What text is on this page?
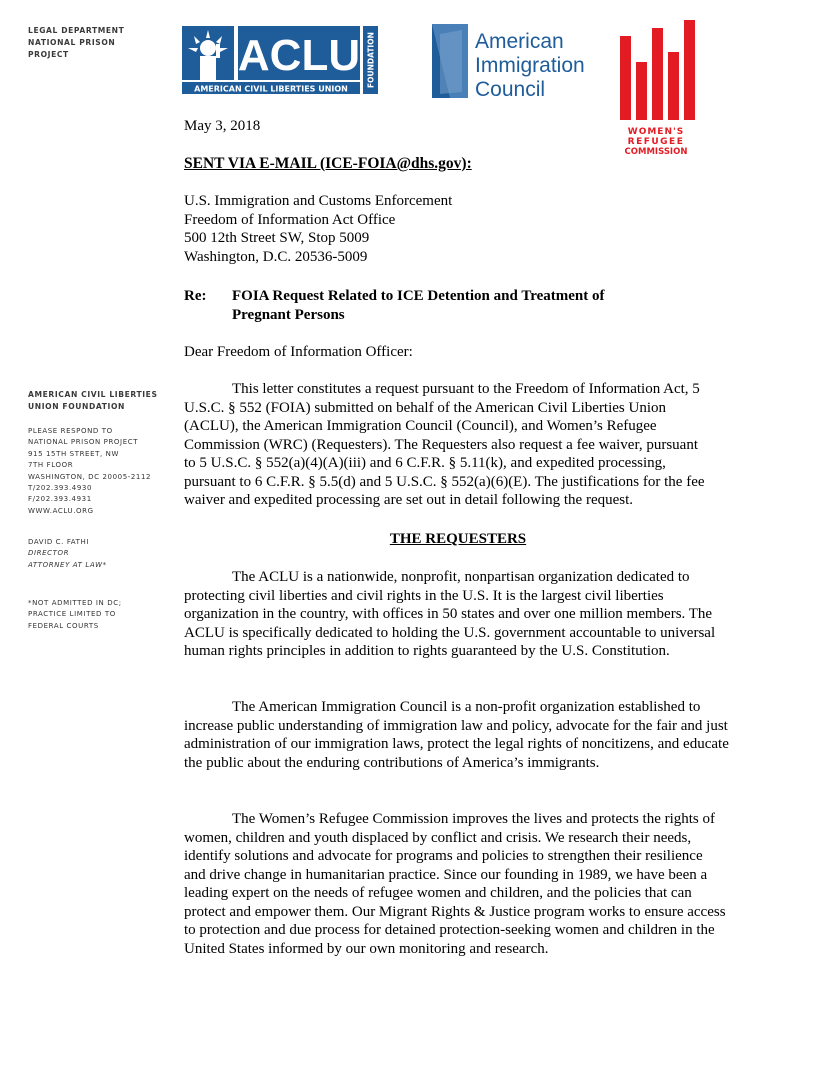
LEGAL DEPARTMENT
NATIONAL PRISON
PROJECT
AMERICAN CIVIL LIBERTIES
UNION FOUNDATION
PLEASE RESPOND TO
NATIONAL PRISON PROJECT
915 15TH STREET, NW
7TH FLOOR
WASHINGTON, DC 20005-2112
T/202.393.4930
F/202.393.4931
WWW.ACLU.ORG
DAVID C. FATHI
DIRECTOR
ATTORNEY AT LAW*
*NOT ADMITTED IN DC;
PRACTICE LIMITED TO
FEDERAL COURTS
ACLU
AMERICAN CIVIL LIBERTIES UNION
FOUNDATION	American
Immigration
Council
WOMEN'S
REFUGEE
COMMISSION
May 3, 2018
SENT VIA E-MAIL (ICE-FOIA@dhs.gov):
U.S. Immigration and Customs Enforcement
Freedom of Information Act Office
500 12th Street SW, Stop 5009
Washington, D.C. 20536-5009
Re: FOIA Request Related to ICE Detention and Treatment of
Pregnant Persons
Dear Freedom of Information Officer:
This letter constitutes a request pursuant to the Freedom of Information Act, 5 U.S.C. § 552 (FOIA) submitted on behalf of the American Civil Liberties Union (ACLU), the American Immigration Council (Council), and Women’s Refugee Commission (WRC) (Requesters). The Requesters also request a fee waiver, pursuant to 5 U.S.C. § 552(a)(4)(A)(iii) and 6 C.F.R. § 5.11(k), and expedited processing, pursuant to 6 C.F.R. § 5.5(d) and 5 U.S.C. § 552(a)(6)(E). The justifications for the fee waiver and expedited processing are set out in detail following the request.
THE REQUESTERS
The ACLU is a nationwide, nonprofit, nonpartisan organization dedicated to protecting civil liberties and civil rights in the U.S. It is the largest civil liberties organization in the country, with offices in 50 states and over one million members. The ACLU is specifically dedicated to holding the U.S. government accountable to universal human rights principles in addition to rights guaranteed by the U.S. Constitution.
The American Immigration Council is a non-profit organization established to increase public understanding of immigration law and policy, advocate for the fair and just administration of our immigration laws, protect the legal rights of noncitizens, and educate the public about the enduring contributions of America’s immigrants.
The Women’s Refugee Commission improves the lives and protects the rights of women, children and youth displaced by conflict and crisis. We research their needs, identify solutions and advocate for programs and policies to strengthen their resilience and drive change in humanitarian practice. Since our founding in 1989, we have been a leading expert on the needs of refugee women and children, and the policies that can protect and empower them. Our Migrant Rights & Justice program works to ensure access to protection and due process for detained protection-seeking women and children in the United States informed by our own monitoring and research.
